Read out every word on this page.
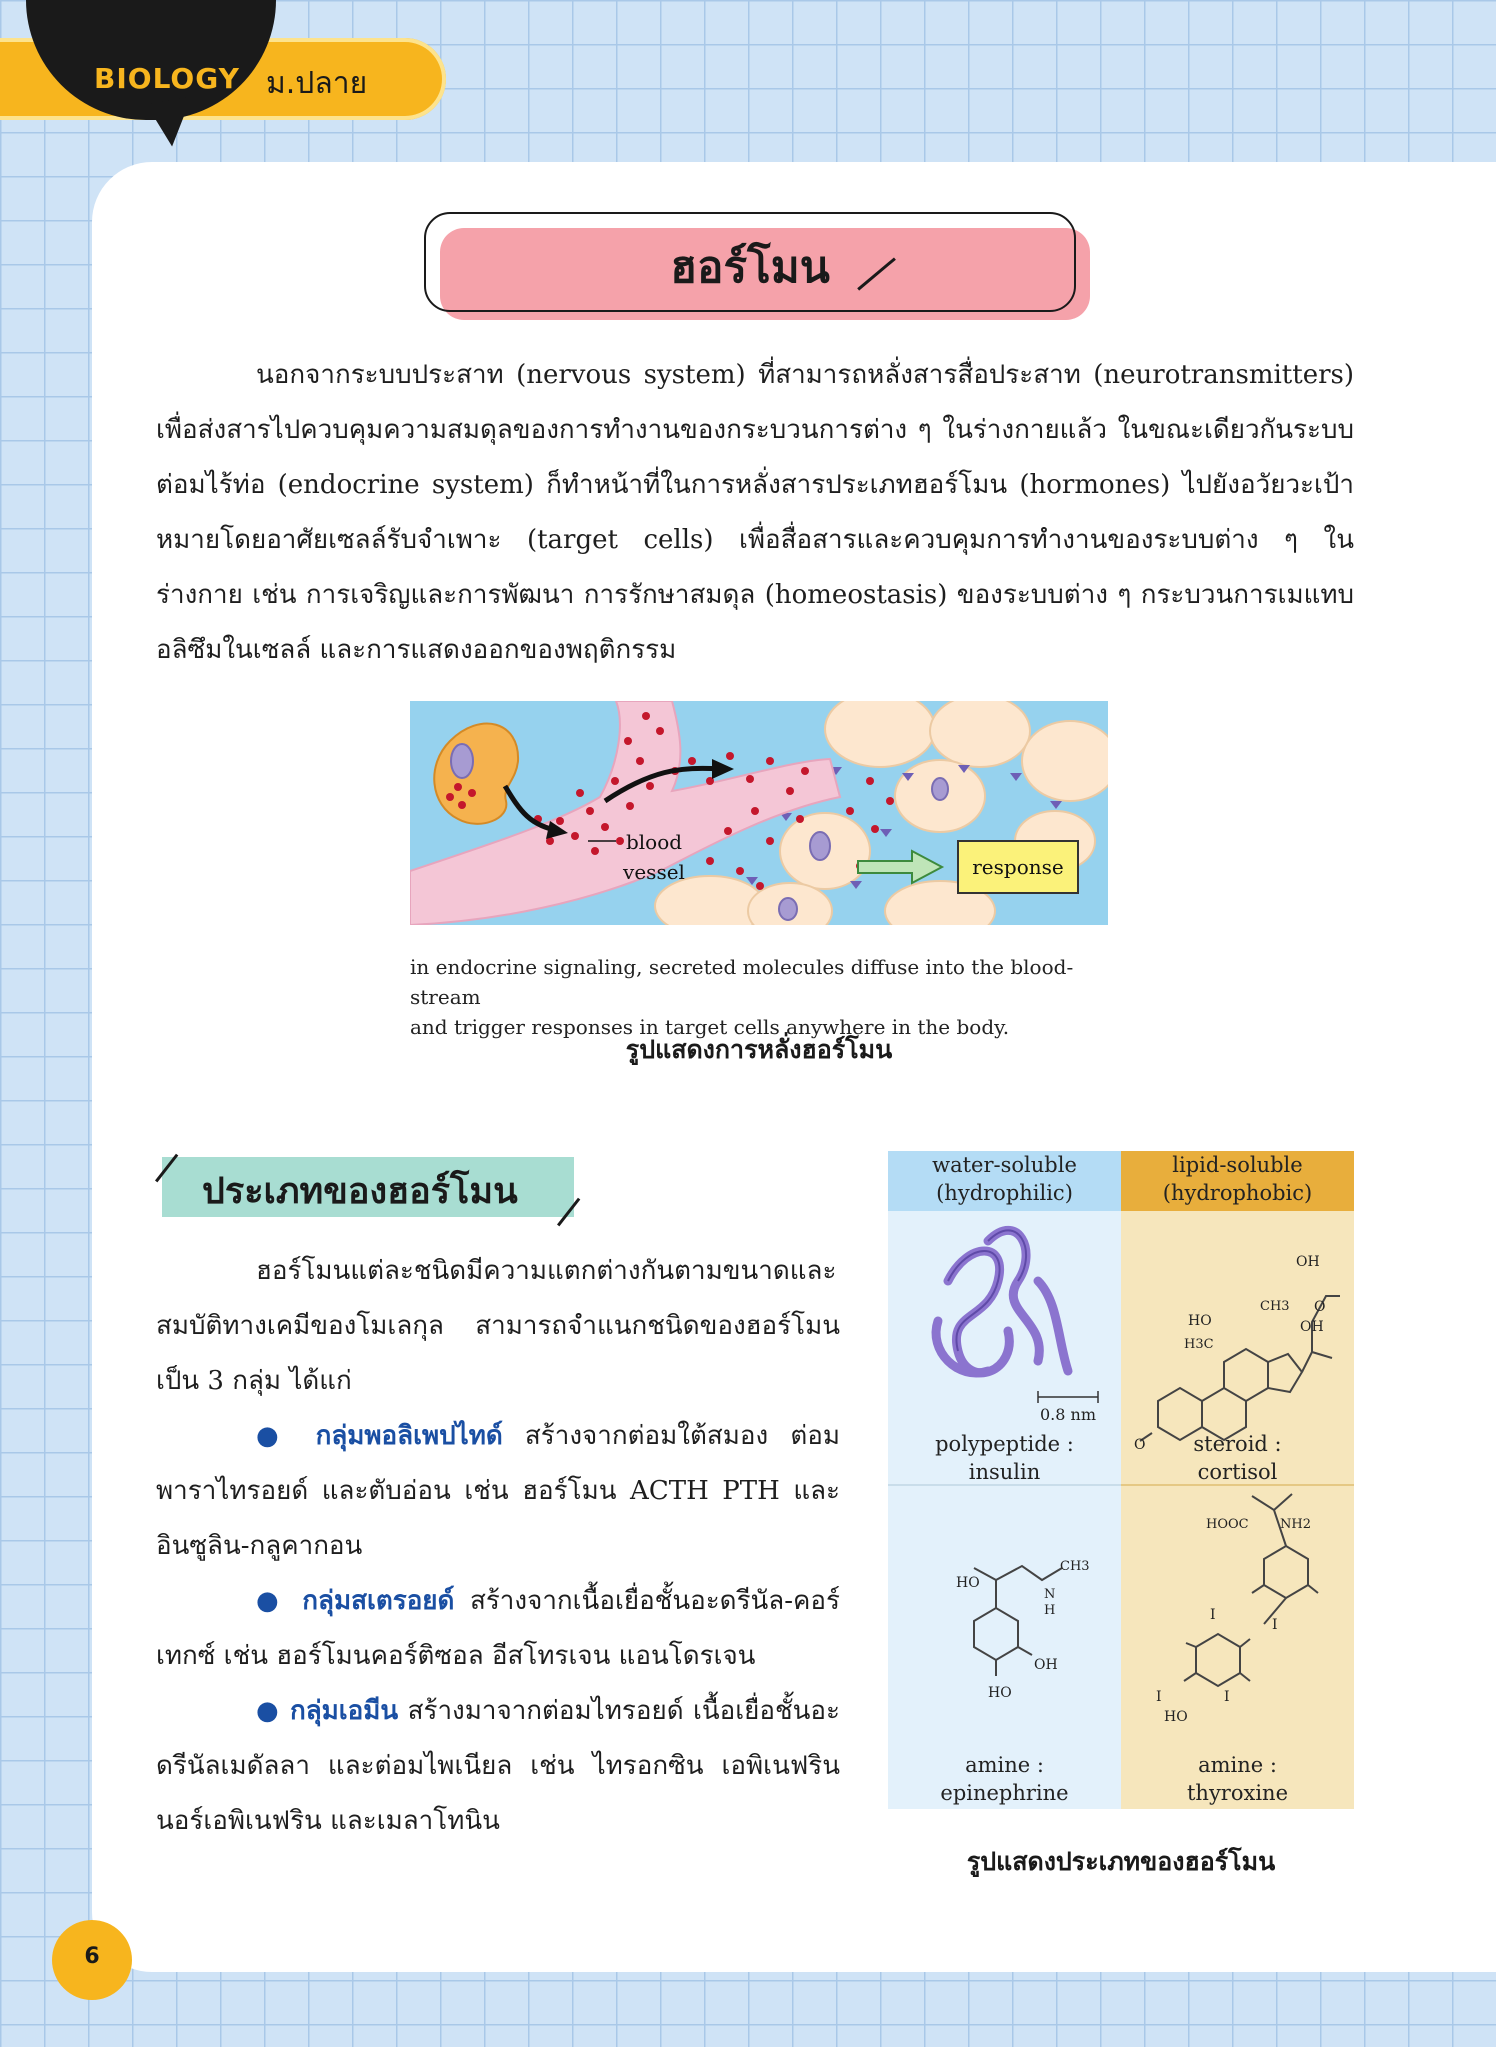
BIOLOGY ม.ปลาย
ฮอร์โมน
นอกจากระบบประสาท (nervous system) ที่สามารถหลั่งสารสื่อประสาท (neurotransmitters) เพื่อส่งสารไปควบคุมความสมดุลของการทำงานของกระบวนการต่าง ๆ ในร่างกายแล้ว ในขณะเดียวกันระบบต่อมไร้ท่อ (endocrine system) ก็ทำหน้าที่ในการหลั่งสารประเภทฮอร์โมน (hormones) ไปยังอวัยวะเป้าหมายโดยอาศัยเซลล์รับจำเพาะ (target cells) เพื่อสื่อสารและควบคุมการทำงานของระบบต่าง ๆ ในร่างกาย เช่น การเจริญและการพัฒนา การรักษาสมดุล (homeostasis) ของระบบต่าง ๆ กระบวนการเมแทบอลิซึมในเซลล์ และการแสดงออกของพฤติกรรม
response
blood
vessel
in endocrine signaling, secreted molecules diffuse into the blood-stream
and trigger responses in target cells anywhere in the body.
รูปแสดงการหลั่งฮอร์โมน
ประเภทของฮอร์โมน
ฮอร์โมนแต่ละชนิดมีความแตกต่างกันตามขนาดและสมบัติทางเคมีของโมเลกุล สามารถจำแนกชนิดของฮอร์โมนเป็น 3 กลุ่ม ได้แก่
● กลุ่มพอลิเพปไทด์ สร้างจากต่อมใต้สมอง ต่อมพาราไทรอยด์ และตับอ่อน เช่น ฮอร์โมน ACTH PTH และอินซูลิน-กลูคากอน
● กลุ่มสเตรอยด์ สร้างจากเนื้อเยื่อชั้นอะดรีนัล-คอร์เทกซ์ เช่น ฮอร์โมนคอร์ติซอล อีสโทรเจน แอนโดรเจน
● กลุ่มเอมีน สร้างมาจากต่อมไทรอยด์ เนื้อเยื่อชั้นอะดรีนัลเมดัลลา และต่อมไพเนียล เช่น ไทรอกซิน เอพิเนฟริน นอร์เอพิเนฟริน และเมลาโทนิน
water-soluble
(hydrophilic)
lipid-soluble
(hydrophobic)
0.8 nm
polypeptide :
insulin
steroid :
cortisol
amine :
epinephrine
amine :
thyroxine
OH
HO
H3C
CH3 O
OH
O
HOOC NH2
I
I
I	I
HO
HO
CH3
N
H
OH
HO
รูปแสดงประเภทของฮอร์โมน
6
